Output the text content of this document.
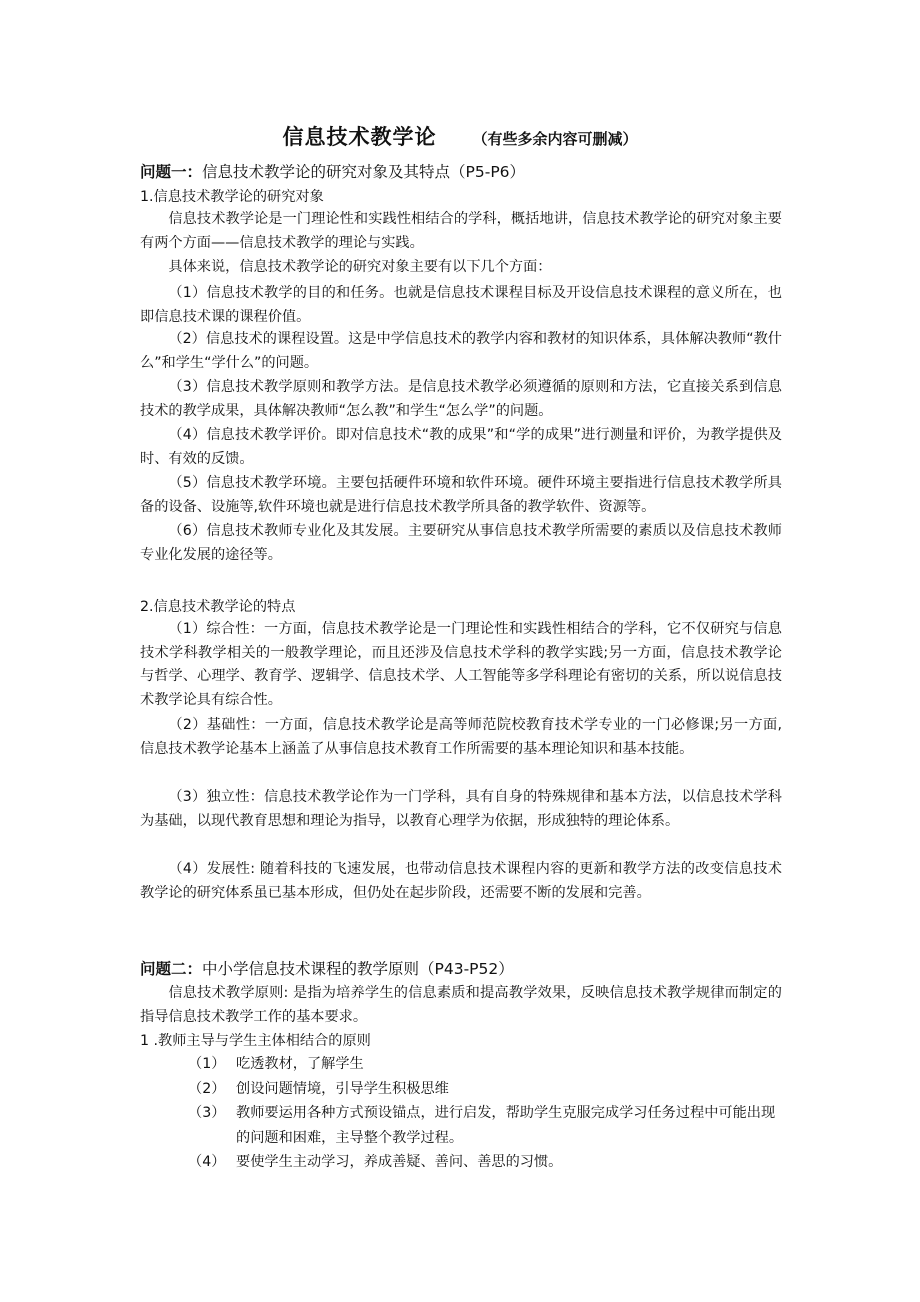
信息技术教学论 （有些多余内容可删减）
问题一：信息技术教学论的研究对象及其特点（P5-P6）
1.信息技术教学论的研究对象

信息技术教学论是一门理论性和实践性相结合的学科，概括地讲，信息技术教学论的研究对象主要有两个方面——信息技术教学的理论与实践。

具体来说，信息技术教学论的研究对象主要有以下几个方面：

（1）信息技术教学的目的和任务。也就是信息技术课程目标及开设信息技术课程的意义所在，也即信息技术课的课程价值。

（2）信息技术的课程设置。这是中学信息技术的教学内容和教材的知识体系，具体解决教师“教什么”和学生“学什么”的问题。

（3）信息技术教学原则和教学方法。是信息技术教学必须遵循的原则和方法，它直接关系到信息技术的教学成果，具体解决教师“怎么教”和学生“怎么学”的问题。

（4）信息技术教学评价。即对信息技术“教的成果”和“学的成果”进行测量和评价，为教学提供及时、有效的反馈。

（5）信息技术教学环境。主要包括硬件环境和软件环境。硬件环境主要指进行信息技术教学所具备的设备、设施等,软件环境也就是进行信息技术教学所具备的教学软件、资源等。

（6）信息技术教师专业化及其发展。主要研究从事信息技术教学所需要的素质以及信息技术教师专业化发展的途径等。

2.信息技术教学论的特点

（1）综合性：一方面，信息技术教学论是一门理论性和实践性相结合的学科，它不仅研究与信息技术学科教学相关的一般教学理论，而且还涉及信息技术学科的教学实践;另一方面，信息技术教学论与哲学、心理学、教育学、逻辑学、信息技术学、人工智能等多学科理论有密切的关系，所以说信息技术教学论具有综合性。

（2）基础性：一方面，信息技术教学论是高等师范院校教育技术学专业的一门必修课;另一方面,信息技术教学论基本上涵盖了从事信息技术教育工作所需要的基本理论知识和基本技能。

（3）独立性：信息技术教学论作为一门学科，具有自身的特殊规律和基本方法，以信息技术学科为基础，以现代教育思想和理论为指导，以教育心理学为依据，形成独特的理论体系。

（4）发展性: 随着科技的飞速发展，也带动信息技术课程内容的更新和教学方法的改变信息技术教学论的研究体系虽已基本形成，但仍处在起步阶段，还需要不断的发展和完善。

问题二：中小学信息技术课程的教学原则（P43-P52）

信息技术教学原则: 是指为培养学生的信息素质和提高教学效果，反映信息技术教学规律而制定的指导信息技术教学工作的基本要求。

1 .教师主导与学生主体相结合的原则
（1） 吃透教材，了解学生
（2） 创设问题情境，引导学生积极思维
（3） 教师要运用各种方式预设锚点，进行启发，帮助学生克服完成学习任务过程中可能出现的问题和困难，主导整个教学过程。
（4） 要使学生主动学习，养成善疑、善问、善思的习惯。
